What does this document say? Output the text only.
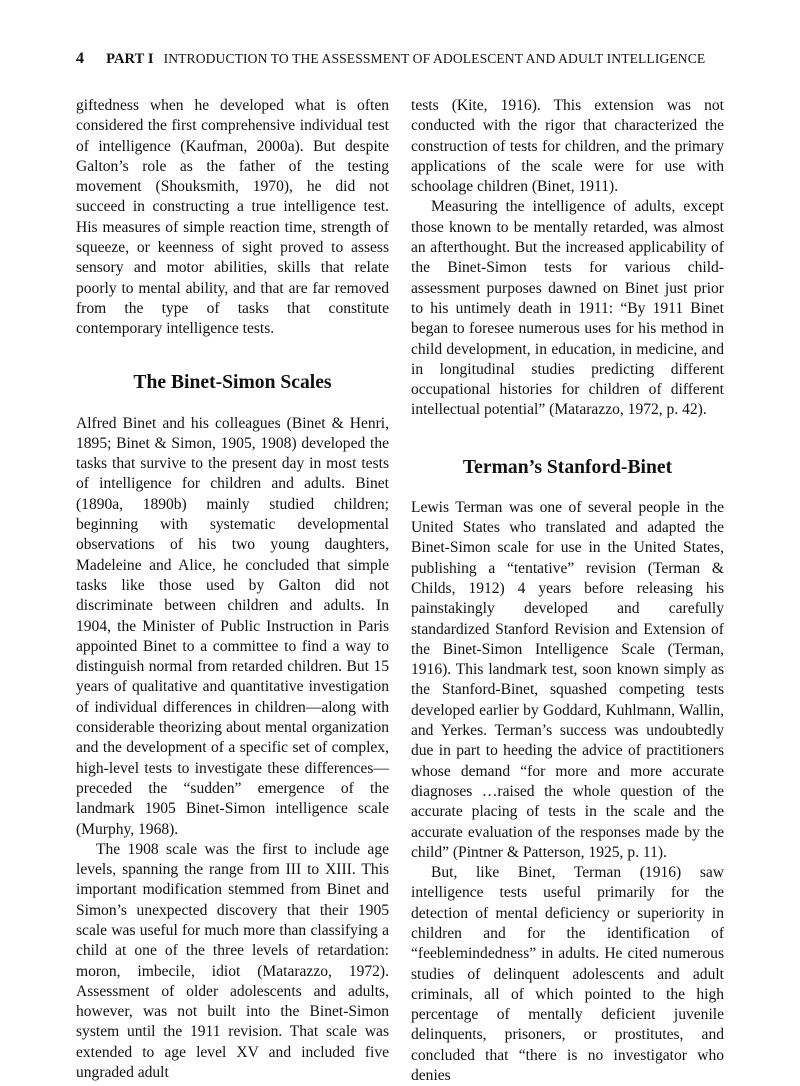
4 PART I INTRODUCTION TO THE ASSESSMENT OF ADOLESCENT AND ADULT INTELLIGENCE

giftedness when he developed what is often considered the first comprehensive individual test of intelligence (Kaufman, 2000a). But despite Galton’s role as the father of the testing movement (Shouksmith, 1970), he did not succeed in constructing a true intelligence test. His measures of simple reaction time, strength of squeeze, or keenness of sight proved to assess sensory and motor abilities, skills that relate poorly to mental ability, and that are far removed from the type of tasks that constitute contemporary intelligence tests.

The Binet-Simon Scales

Alfred Binet and his colleagues (Binet & Henri, 1895; Binet & Simon, 1905, 1908) developed the tasks that survive to the present day in most tests of intelligence for children and adults. Binet (1890a, 1890b) mainly studied children; beginning with systematic developmental observations of his two young daughters, Madeleine and Alice, he concluded that simple tasks like those used by Galton did not discriminate between children and adults. In 1904, the Minister of Public Instruction in Paris appointed Binet to a committee to find a way to distinguish normal from retarded children. But 15 years of qualitative and quantitative investigation of individual differences in children—along with considerable theorizing about mental organization and the development of a specific set of complex, high-level tests to investigate these differences—preceded the “sudden” emergence of the landmark 1905 Binet-Simon intelligence scale (Murphy, 1968).

The 1908 scale was the first to include age levels, spanning the range from III to XIII. This important modification stemmed from Binet and Simon’s unexpected discovery that their 1905 scale was useful for much more than classifying a child at one of the three levels of retardation: moron, imbecile, idiot (Matarazzo, 1972). Assessment of older adolescents and adults, however, was not built into the Binet-Simon system until the 1911 revision. That scale was extended to age level XV and included five ungraded adult

tests (Kite, 1916). This extension was not conducted with the rigor that characterized the construction of tests for children, and the primary applications of the scale were for use with schoolage children (Binet, 1911).

Measuring the intelligence of adults, except those known to be mentally retarded, was almost an afterthought. But the increased applicability of the Binet-Simon tests for various child-assessment purposes dawned on Binet just prior to his untimely death in 1911: “By 1911 Binet began to foresee numerous uses for his method in child development, in education, in medicine, and in longitudinal studies predicting different occupational histories for children of different intellectual potential” (Matarazzo, 1972, p. 42).

Terman’s Stanford-Binet

Lewis Terman was one of several people in the United States who translated and adapted the Binet-Simon scale for use in the United States, publishing a “tentative” revision (Terman & Childs, 1912) 4 years before releasing his painstakingly developed and carefully standardized Stanford Revision and Extension of the Binet-Simon Intelligence Scale (Terman, 1916). This landmark test, soon known simply as the Stanford-Binet, squashed competing tests developed earlier by Goddard, Kuhlmann, Wallin, and Yerkes. Terman’s success was undoubtedly due in part to heeding the advice of practitioners whose demand “for more and more accurate diagnoses …raised the whole question of the accurate placing of tests in the scale and the accurate evaluation of the responses made by the child” (Pintner & Patterson, 1925, p. 11).

But, like Binet, Terman (1916) saw intelligence tests useful primarily for the detection of mental deficiency or superiority in children and for the identification of “feeblemindedness” in adults. He cited numerous studies of delinquent adolescents and adult criminals, all of which pointed to the high percentage of mentally deficient juvenile delinquents, prisoners, or prostitutes, and concluded that “there is no investigator who denies
